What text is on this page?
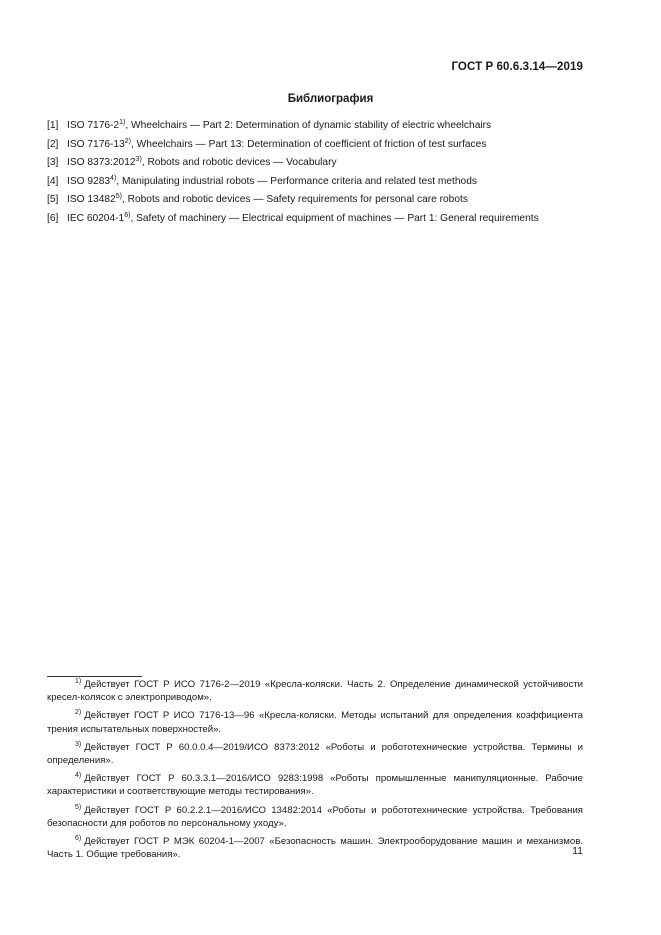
ГОСТ Р 60.6.3.14—2019
Библиография
[1] ISO 7176-2$^{1)}$, Wheelchairs — Part 2: Determination of dynamic stability of electric wheelchairs
[2] ISO 7176-13$^{2)}$, Wheelchairs — Part 13: Determination of coefficient of friction of test surfaces
[3] ISO 8373:2012$^{3)}$, Robots and robotic devices — Vocabulary
[4] ISO 9283$^{4)}$, Manipulating industrial robots — Performance criteria and related test methods
[5] ISO 13482$^{5)}$, Robots and robotic devices — Safety requirements for personal care robots
[6] IEC 60204-1$^{6)}$, Safety of machinery — Electrical equipment of machines — Part 1: General requirements

$^{1)}$ Действует ГОСТ Р ИСО 7176-2—2019 «Кресла-коляски. Часть 2. Определение динамической устойчивости кресел-колясок с электроприводом».

$^{2)}$ Действует ГОСТ Р ИСО 7176-13—96 «Кресла-коляски. Методы испытаний для определения коэффициента трения испытательных поверхностей».

$^{3)}$ Действует ГОСТ Р 60.0.0.4—2019/ИСО 8373:2012 «Роботы и робототехнические устройства. Термины и определения».

$^{4)}$ Действует ГОСТ Р 60.3.3.1—2016/ИСО 9283:1998 «Роботы промышленные манипуляционные. Рабочие характеристики и соответствующие методы тестирования».

$^{5)}$ Действует ГОСТ Р 60.2.2.1—2016/ИСО 13482:2014 «Роботы и робототехнические устройства. Требования безопасности для роботов по персональному уходу».

$^{6)}$ Действует ГОСТ Р МЭК 60204-1—2007 «Безопасность машин. Электрооборудование машин и механизмов. Часть 1. Общие требования».	11
